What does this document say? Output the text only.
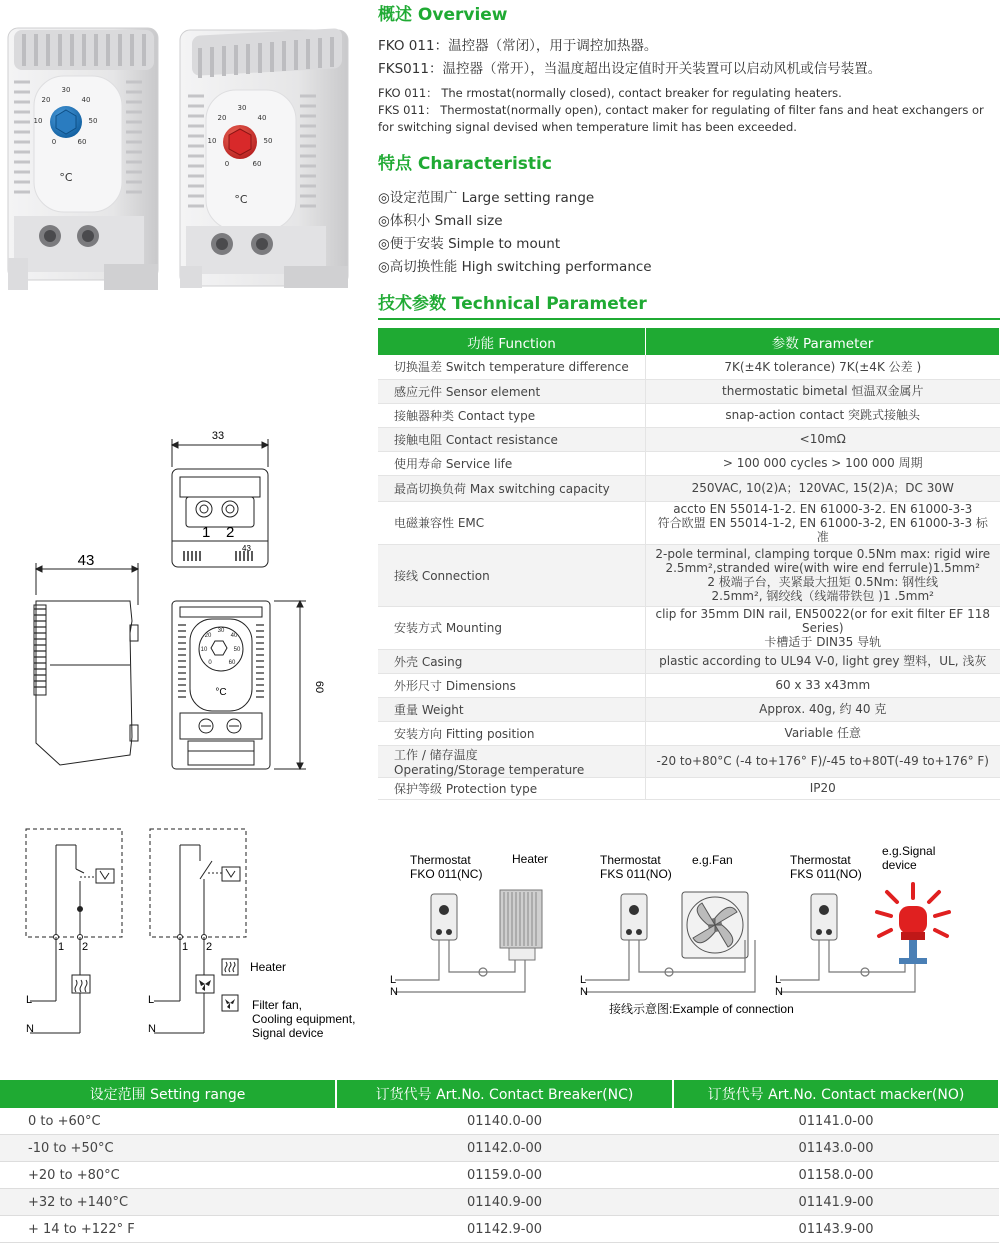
30
40
20
50
10
60
0
°C
30
40
20
50
10
60
0
°C
概述 Overview
FKO 011：温控器（常闭），用于调控加热器。
FKS011：温控器（常开），当温度超出设定值时开关装置可以启动风机或信号装置。
FKO 011： The rmostat(normally closed), contact breaker for regulating heaters.
FKS 011： Thermostat(normally open), contact maker for regulating of filter fans and heat exchangers or for switching signal devised when temperature limit has been exceeded.
特点 Characteristic
◎设定范围广 Large setting range
◎体积小 Small size
◎便于安装 Simple to mount
◎高切换性能 High switching performance
技术参数 Technical Parameter
功能 Function	参数 Parameter

切换温差 Switch temperature difference	7K(±4K tolerance) 7K(±4K 公差 )

感应元件 Sensor element	thermostatic bimetal 恒温双金属片

接触器种类 Contact type	snap-action contact 突跳式接触头

接触电阻 Contact resistance	<10mΩ

使用寿命 Service life	> 100 000 cycles > 100 000 周期

最高切换负荷 Max switching capacity	250VAC, 10(2)A；120VAC, 15(2)A；DC 30W

电磁兼容性 EMC	accto EN 55014-1-2. EN 61000-3-2. EN 61000-3-3
符合欧盟 EN 55014-1-2, EN 61000-3-2, EN 61000-3-3 标准

接线 Connection	2-pole terminal, clamping torque 0.5Nm max: rigid wire
2.5mm²,stranded wire(with wire end ferrule)1.5mm²
2 极端子台，夹紧最大扭矩 0.5Nm: 钢性线
2.5mm², 钢绞线（线端带铁包 )1 .5mm²

安装方式 Mounting	clip for 35mm DIN rail, EN50022(or for exit filter EF 118 Series)
卡槽适于 DIN35 导轨

外壳 Casing	plastic according to UL94 V-0, light grey 塑料，UL, 浅灰

外形尺寸 Dimensions	60 x 33 x43mm

重量 Weight	Approx. 40g, 约 40 克

安装方向 Fitting position	Variable 任意

工作 / 储存温度
Operating/Storage temperature	-20 to+80°C (-4 to+176° F)/-45 to+80T(-49 to+176° F)

保护等级 Protection type	IP20
33
1 2
43
43
30
40
20
50
10
60
0
°C	60
1 2	1 2
L
N
L
N
Heater
Filter fan,
Cooling equipment,
Signal device
Thermostat
FKO 011(NC)
Heater
L
N
Thermostat
FKS 011(NO)
e.g.Fan
L
N
Thermostat
FKS 011(NO)
e.g.Signal
device
L
N
接线示意图:Example of connection
设定范围 Setting range	订货代号 Art.No. Contact Breaker(NC)	订货代号 Art.No. Contact macker(NO)
0 to +60°C	01140.0-00	01141.0-00
-10 to +50°C	01142.0-00	01143.0-00
+20 to +80°C	01159.0-00	01158.0-00
+32 to +140°C	01140.9-00	01141.9-00
+ 14 to +122° F	01142.9-00	01143.9-00
